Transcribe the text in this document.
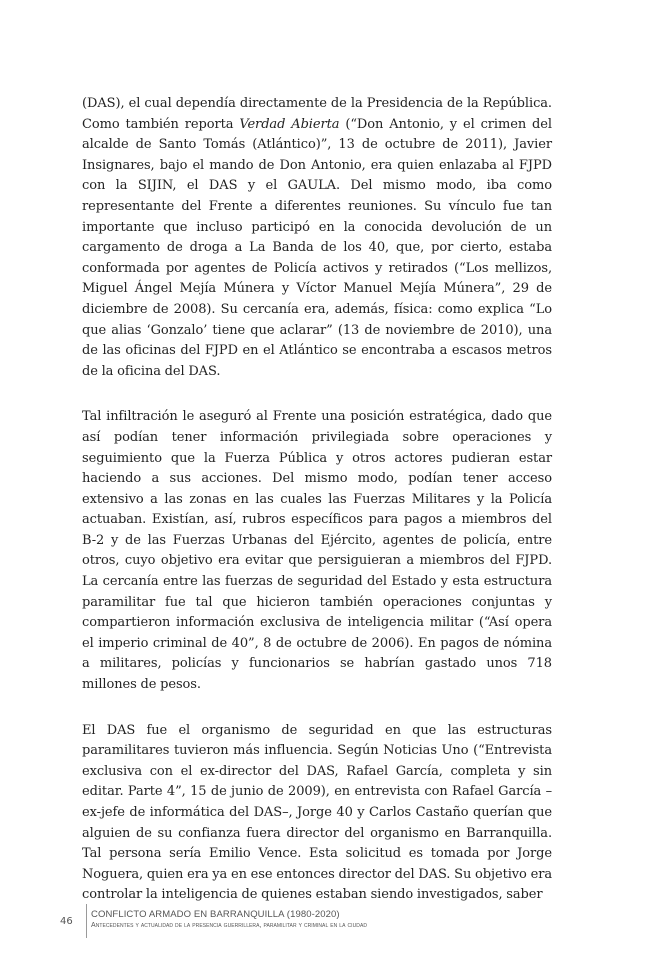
(DAS), el cual dependía directamente de la Presidencia de la República. Como también reporta Verdad Abierta (“Don Antonio, y el crimen del alcalde de Santo Tomás (Atlántico)”, 13 de octubre de 2011), Javier Insignares, bajo el mando de Don Antonio, era quien enlazaba al FJPD con la SIJIN, el DAS y el GAULA. Del mismo modo, iba como representante del Frente a diferentes reuniones. Su vínculo fue tan importante que incluso participó en la conocida devolución de un cargamento de droga a La Banda de los 40, que, por cierto, estaba conformada por agentes de Policía activos y retirados (“Los mellizos, Miguel Ángel Mejía Múnera y Víctor Manuel Mejía Múnera”, 29 de diciembre de 2008). Su cercanía era, además, física: como explica “Lo que alias ‘Gonzalo’ tiene que aclarar” (13 de noviembre de 2010), una de las oficinas del FJPD en el Atlántico se encontraba a escasos metros de la oficina del DAS.

Tal infiltración le aseguró al Frente una posición estratégica, dado que así podían tener información privilegiada sobre operaciones y seguimiento que la Fuerza Pública y otros actores pudieran estar haciendo a sus acciones. Del mismo modo, podían tener acceso extensivo a las zonas en las cuales las Fuerzas Militares y la Policía actuaban. Existían, así, rubros específicos para pagos a miembros del B-2 y de las Fuerzas Urbanas del Ejército, agentes de policía, entre otros, cuyo objetivo era evitar que persiguieran a miembros del FJPD. La cercanía entre las fuerzas de seguridad del Estado y esta estructura paramilitar fue tal que hicieron también operaciones conjuntas y compartieron información exclusiva de inteligencia militar (“Así opera el imperio criminal de 40”, 8 de octubre de 2006). En pagos de nómina a militares, policías y funcionarios se habrían gastado unos 718 millones de pesos.

El DAS fue el organismo de seguridad en que las estructuras paramilitares tuvieron más influencia. Según Noticias Uno (“Entrevista exclusiva con el ex-director del DAS, Rafael García, completa y sin editar. Parte 4”, 15 de junio de 2009), en entrevista con Rafael García –ex-jefe de informática del DAS–, Jorge 40 y Carlos Castaño querían que alguien de su confianza fuera director del organismo en Barranquilla. Tal persona sería Emilio Vence. Esta solicitud es tomada por Jorge Noguera, quien era ya en ese entonces director del DAS. Su objetivo era controlar la inteligencia de quienes estaban siendo investigados, saber

46
CONFLICTO ARMADO EN BARRANQUILLA (1980-2020)
Antecedentes y actualidad de la presencia guerrillera, paramilitar y criminal en la ciudad
